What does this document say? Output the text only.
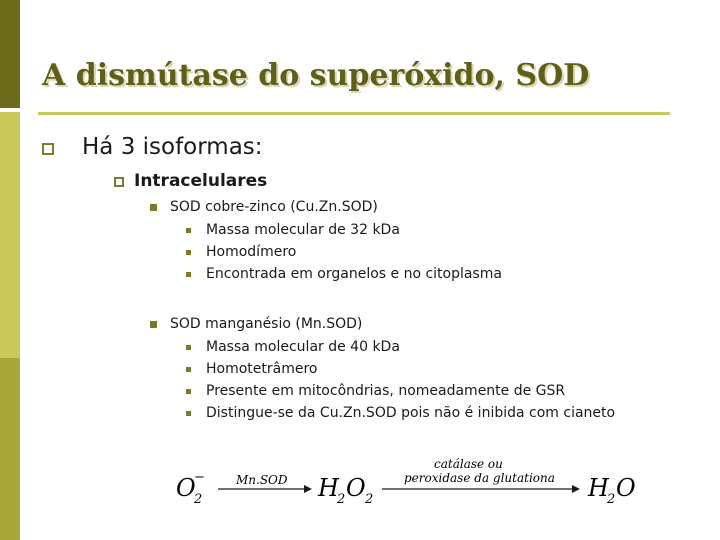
A dismútase do superóxido, SOD
Há 3 isoformas:
Intracelulares
SOD cobre-zinco (Cu.Zn.SOD)
Massa molecular de 32 kDa
Homodímero
Encontrada em organelos e no citoplasma
SOD manganésio (Mn.SOD)
Massa molecular de 40 kDa
Homotetrâmero
Presente em mitocôndrias, nomeadamente de GSR
Distingue-se da Cu.Zn.SOD pois não é inibida com cianeto
O
−
2
Mn.SOD H
2 O 2
catálase ou
peroxidase da glutationa H
2 O
